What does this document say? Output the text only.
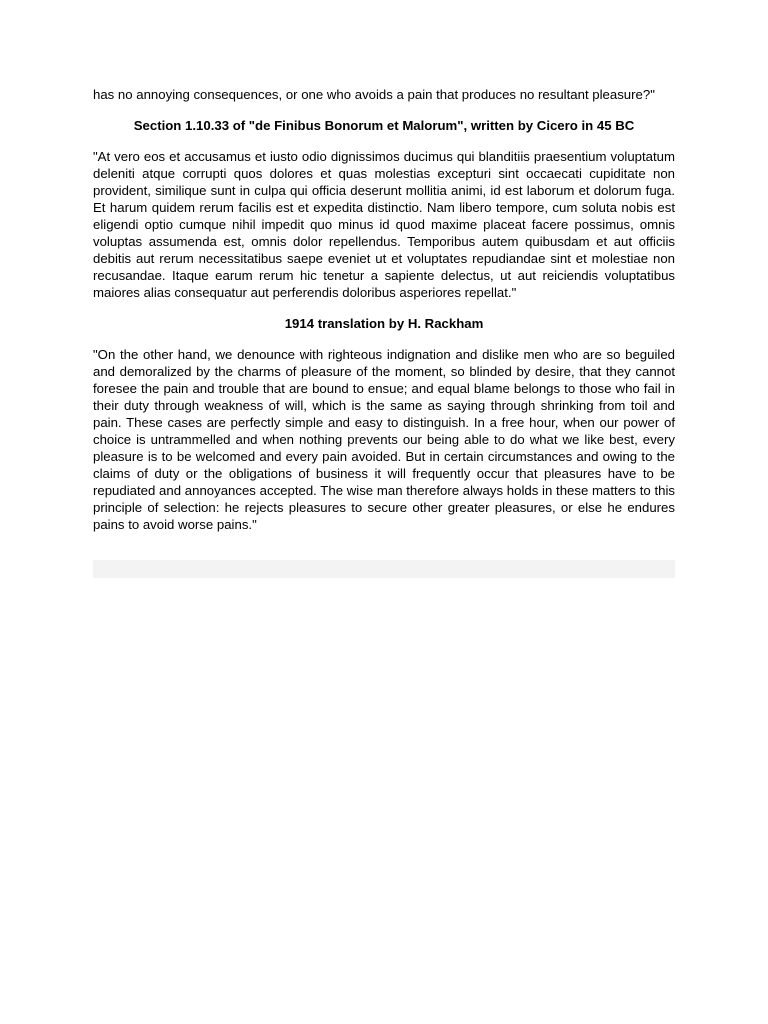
has no annoying consequences, or one who avoids a pain that produces no resultant pleasure?"

Section 1.10.33 of "de Finibus Bonorum et Malorum", written by Cicero in 45 BC

"At vero eos et accusamus et iusto odio dignissimos ducimus qui blanditiis praesentium voluptatum deleniti atque corrupti quos dolores et quas molestias excepturi sint occaecati cupiditate non provident, similique sunt in culpa qui officia deserunt mollitia animi, id est laborum et dolorum fuga. Et harum quidem rerum facilis est et expedita distinctio. Nam libero tempore, cum soluta nobis est eligendi optio cumque nihil impedit quo minus id quod maxime placeat facere possimus, omnis voluptas assumenda est, omnis dolor repellendus. Temporibus autem quibusdam et aut officiis debitis aut rerum necessitatibus saepe eveniet ut et voluptates repudiandae sint et molestiae non recusandae. Itaque earum rerum hic tenetur a sapiente delectus, ut aut reiciendis voluptatibus maiores alias consequatur aut perferendis doloribus asperiores repellat."

1914 translation by H. Rackham

"On the other hand, we denounce with righteous indignation and dislike men who are so beguiled and demoralized by the charms of pleasure of the moment, so blinded by desire, that they cannot foresee the pain and trouble that are bound to ensue; and equal blame belongs to those who fail in their duty through weakness of will, which is the same as saying through shrinking from toil and pain. These cases are perfectly simple and easy to distinguish. In a free hour, when our power of choice is untrammelled and when nothing prevents our being able to do what we like best, every pleasure is to be welcomed and every pain avoided. But in certain circumstances and owing to the claims of duty or the obligations of business it will frequently occur that pleasures have to be repudiated and annoyances accepted. The wise man therefore always holds in these matters to this principle of selection: he rejects pleasures to secure other greater pleasures, or else he endures pains to avoid worse pains."
